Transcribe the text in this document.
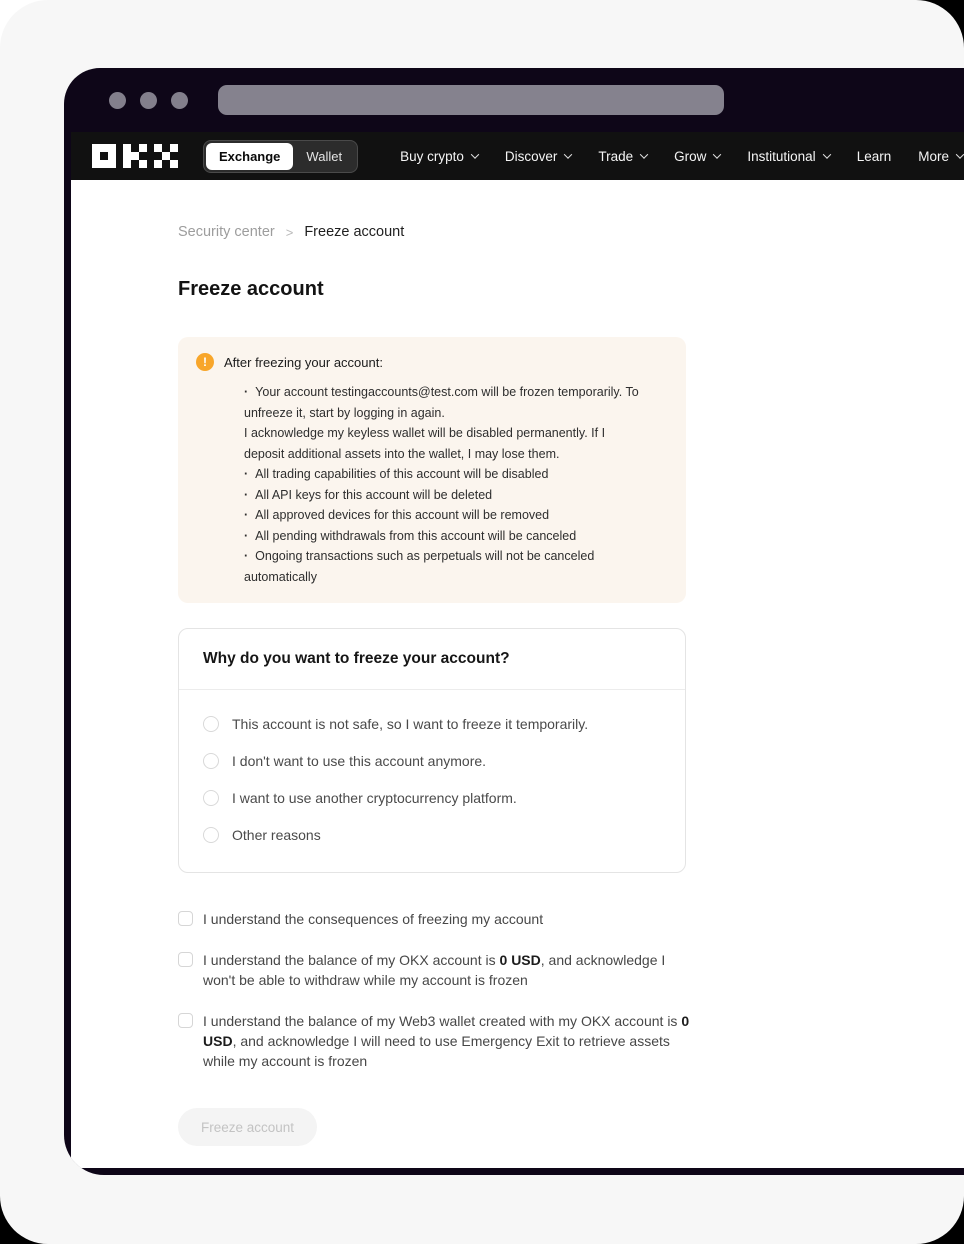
Exchange	Wallet	Buy crypto	Discover	Trade	Grow	Institutional	Learn More
Security center > Freeze account
Freeze account
!	After freezing your account:
· Your account testingaccounts@test.com will be frozen temporarily. To unfreeze it, start by logging in again.
I acknowledge my keyless wallet will be disabled permanently. If I deposit additional assets into the wallet, I may lose them.
· All trading capabilities of this account will be disabled
· All API keys for this account will be deleted
· All approved devices for this account will be removed
· All pending withdrawals from this account will be canceled
· Ongoing transactions such as perpetuals will not be canceled automatically
Why do you want to freeze your account?
This account is not safe, so I want to freeze it temporarily.
I don't want to use this account anymore.
I want to use another cryptocurrency platform.
Other reasons
I understand the consequences of freezing my account
I understand the balance of my OKX account is 0 USD, and acknowledge I won't be able to withdraw while my account is frozen
I understand the balance of my Web3 wallet created with my OKX account is 0 USD, and acknowledge I will need to use Emergency Exit to retrieve assets while my account is frozen
Freeze account
